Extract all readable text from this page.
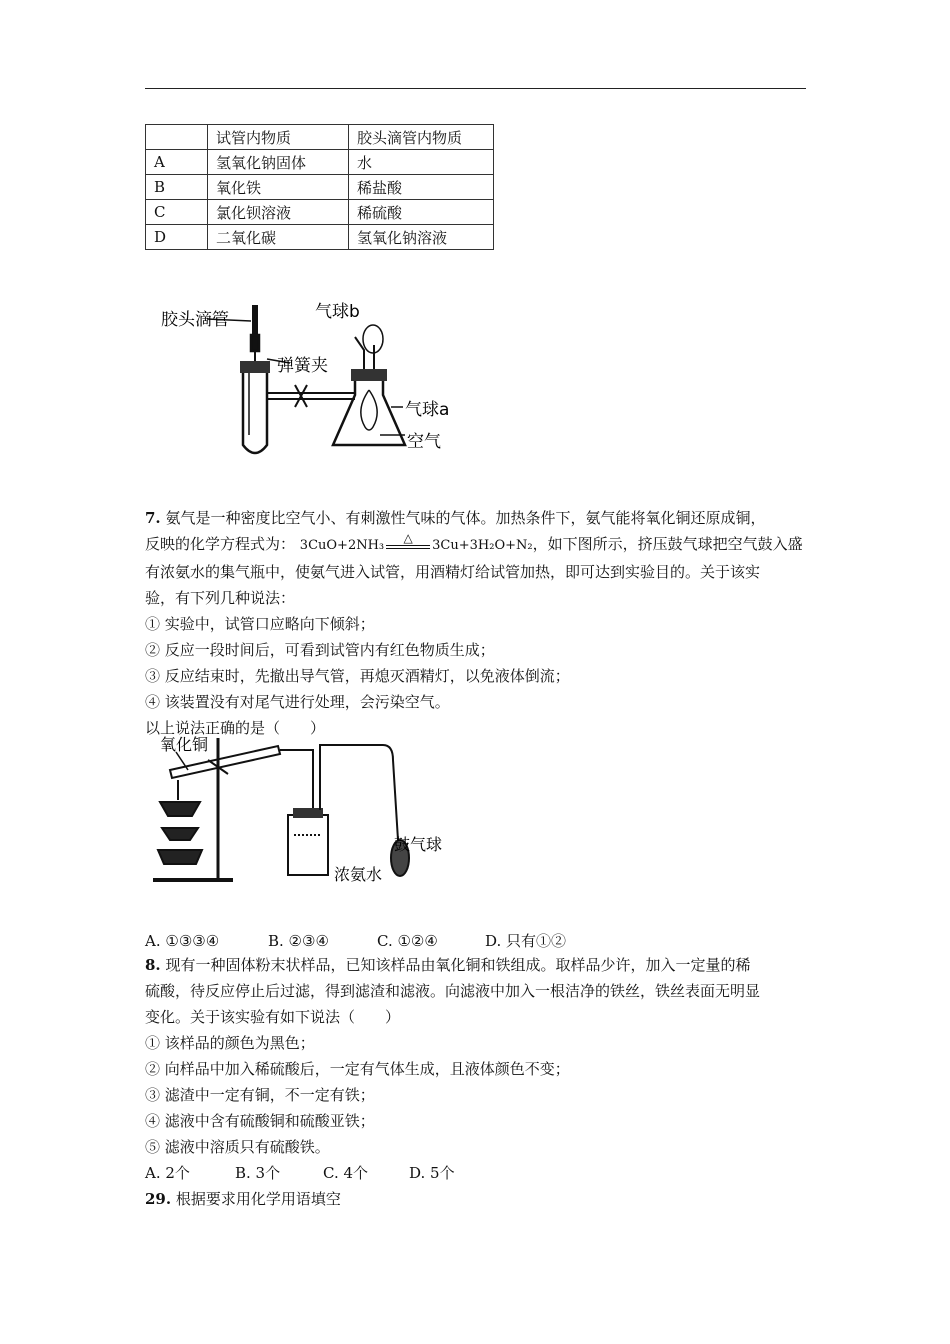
	试管内物质	胶头滴管内物质
A	氢氧化钠固体	水
B	氧化铁	稀盐酸
C	氯化钡溶液	稀硫酸
D	二氧化碳	氢氧化钠溶液
胶头滴管	气球b
弹簧夹
气球a
空气
7. 氨气是一种密度比空气小、有刺激性气味的气体。加热条件下，氨气能将氧化铜还原成铜，
反映的化学方程式为： 3CuO+2NH₃
△
3Cu+3H₂O+N₂，如下图所示，挤压鼓气球把空气鼓入盛
有浓氨水的集气瓶中，使氨气进入试管，用酒精灯给试管加热，即可达到实验目的。关于该实
验，有下列几种说法：
① 实验中，试管口应略向下倾斜；
② 反应一段时间后，可看到试管内有红色物质生成；
③ 反应结束时，先撤出导气管，再熄灭酒精灯，以免液体倒流；
④ 该装置没有对尾气进行处理，会污染空气。
以上说法正确的是（　　）
氧化铜
鼓气球
浓氨水
A. ①③③④	B. ②③④	C. ①②④	D. 只有①②
8. 现有一种固体粉末状样品，已知该样品由氧化铜和铁组成。取样品少许，加入一定量的稀
硫酸，待反应停止后过滤，得到滤渣和滤液。向滤液中加入一根洁净的铁丝，铁丝表面无明显
变化。关于该实验有如下说法（　　）
① 该样品的颜色为黑色；
② 向样品中加入稀硫酸后，一定有气体生成，且液体颜色不变；
③ 滤渣中一定有铜，不一定有铁；
④ 滤液中含有硫酸铜和硫酸亚铁；
⑤ 滤液中溶质只有硫酸铁。
A. 2个	B. 3个	C. 4个	D. 5个
29. 根据要求用化学用语填空
